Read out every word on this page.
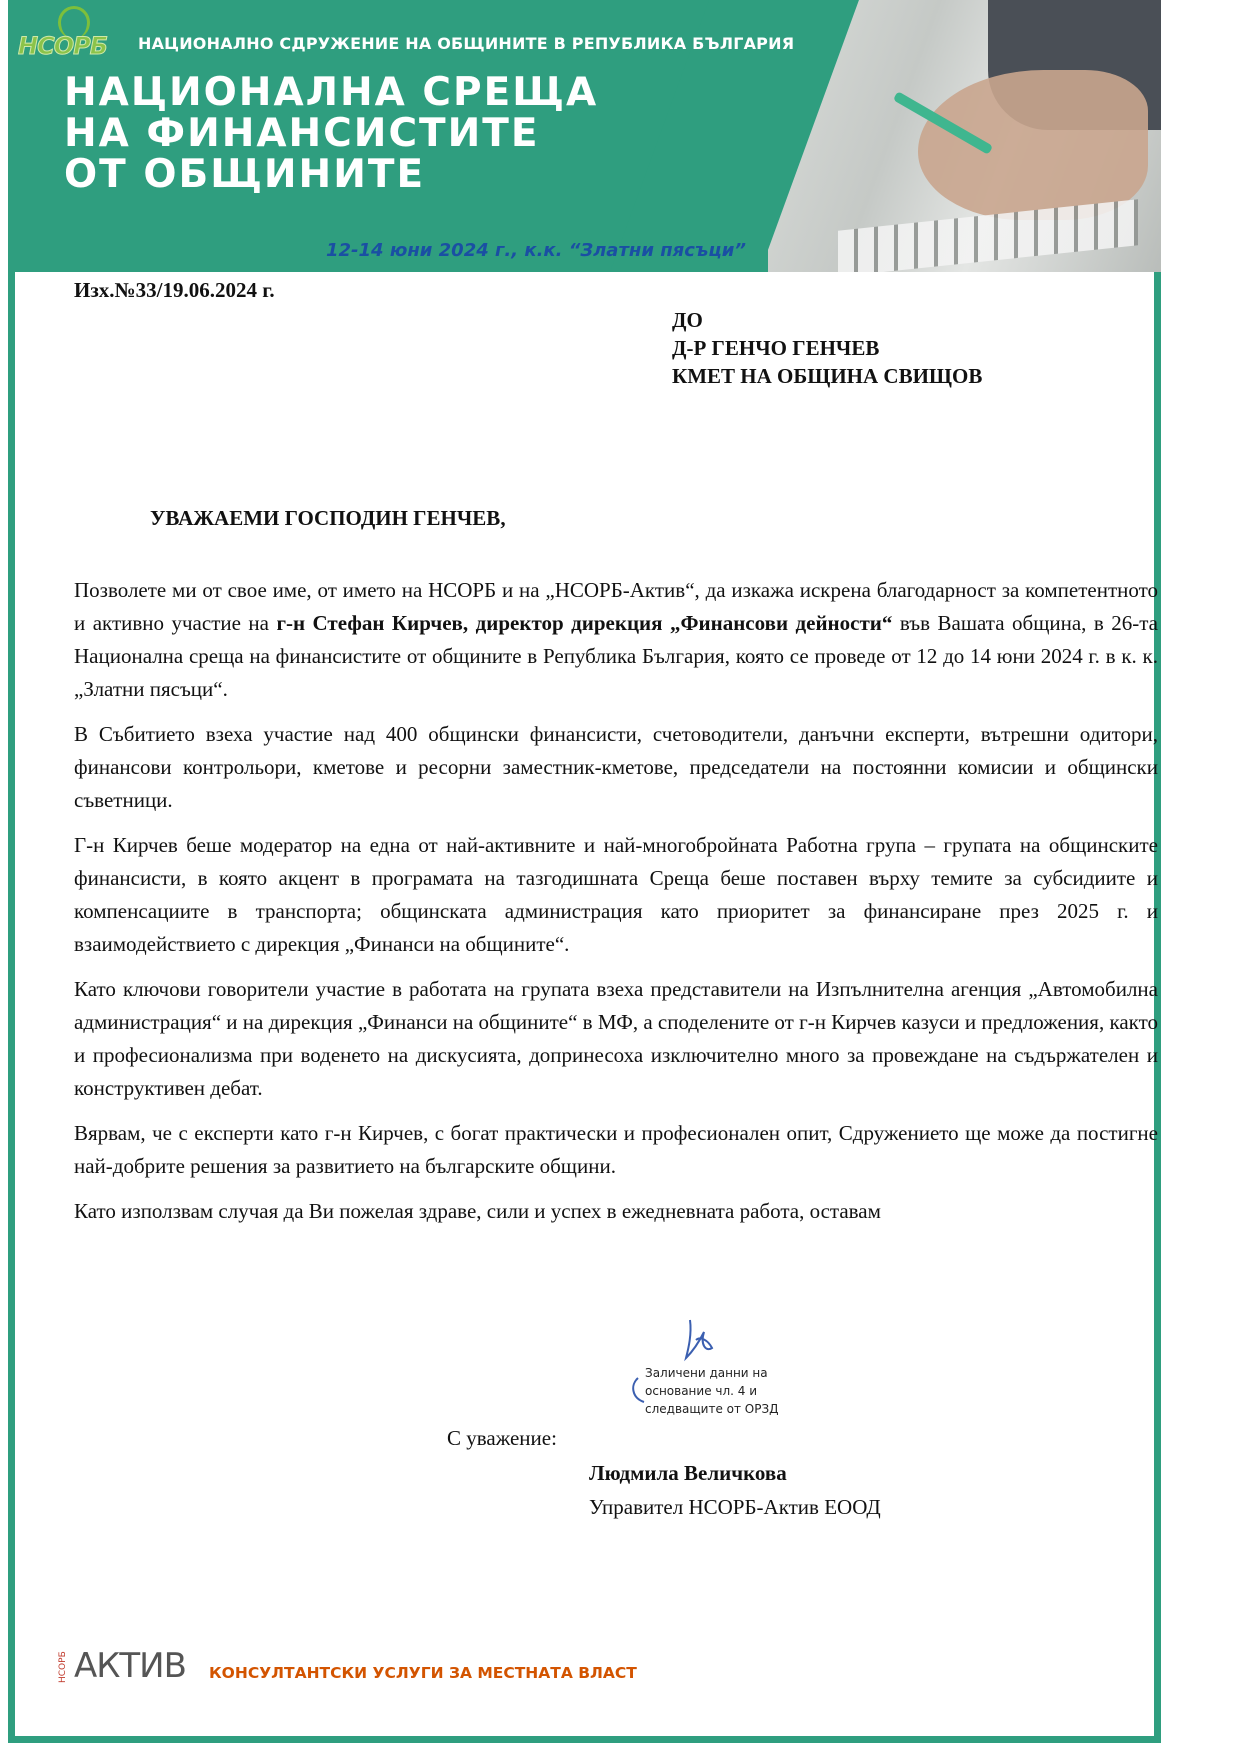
НСОРБ НАЦИОНАЛНО СДРУЖЕНИЕ НА ОБЩИНИТЕ В РЕПУБЛИКА БЪЛГАРИЯ
НАЦИОНАЛНА СРЕЩА
НА ФИНАНСИСТИТЕ
ОТ ОБЩИНИТЕ
12-14 юни 2024 г., к.к. “Златни пясъци”
Изх.№33/19.06.2024 г.
ДО
Д-Р ГЕНЧО ГЕНЧЕВ
КМЕТ НА ОБЩИНА СВИЩОВ
УВАЖАЕМИ ГОСПОДИН ГЕНЧЕВ,

Позволете ми от свое име, от името на НСОРБ и на „НСОРБ-Актив“, да изкажа искрена благодарност за компетентното и активно участие на г-н Стефан Кирчев, директор дирекция „Финансови дейности“ във Вашата община, в 26-та Национална среща на финансистите от общините в Република България, която се проведе от 12 до 14 юни 2024 г. в к. к. „Златни пясъци“.

В Събитието взеха участие над 400 общински финансисти, счетоводители, данъчни експерти, вътрешни одитори, финансови контрольори, кметове и ресорни заместник-кметове, председатели на постоянни комисии и общински съветници.

Г-н Кирчев беше модератор на една от най-активните и най-многобройната Работна група – групата на общинските финансисти, в която акцент в програмата на тазгодишната Среща беше поставен върху темите за субсидиите и компенсациите в транспорта; общинската администрация като приоритет за финансиране през 2025 г. и взаимодействието с дирекция „Финанси на общините“.

Като ключови говорители участие в работата на групата взеха представители на Изпълнителна агенция „Автомобилна администрация“ и на дирекция „Финанси на общините“ в МФ, а споделените от г-н Кирчев казуси и предложения, както и професионализма при воденето на дискусията, допринесоха изключително много за провеждане на съдържателен и конструктивен дебат.

Вярвам, че с експерти като г-н Кирчев, с богат практически и професионален опит, Сдружението ще може да постигне най-добрите решения за развитието на българските общини.

Като използвам случая да Ви пожелая здраве, сили и успех в ежедневната работа, оставам

Заличени данни на
основание чл. 4 и
следващите от ОРЗД
С уважение:
Людмила Величкова
Управител НСОРБ-Актив ЕООД
НСОРБ АКТИВ КОНСУЛТАНТСКИ УСЛУГИ ЗА МЕСТНАТА ВЛАСТ
